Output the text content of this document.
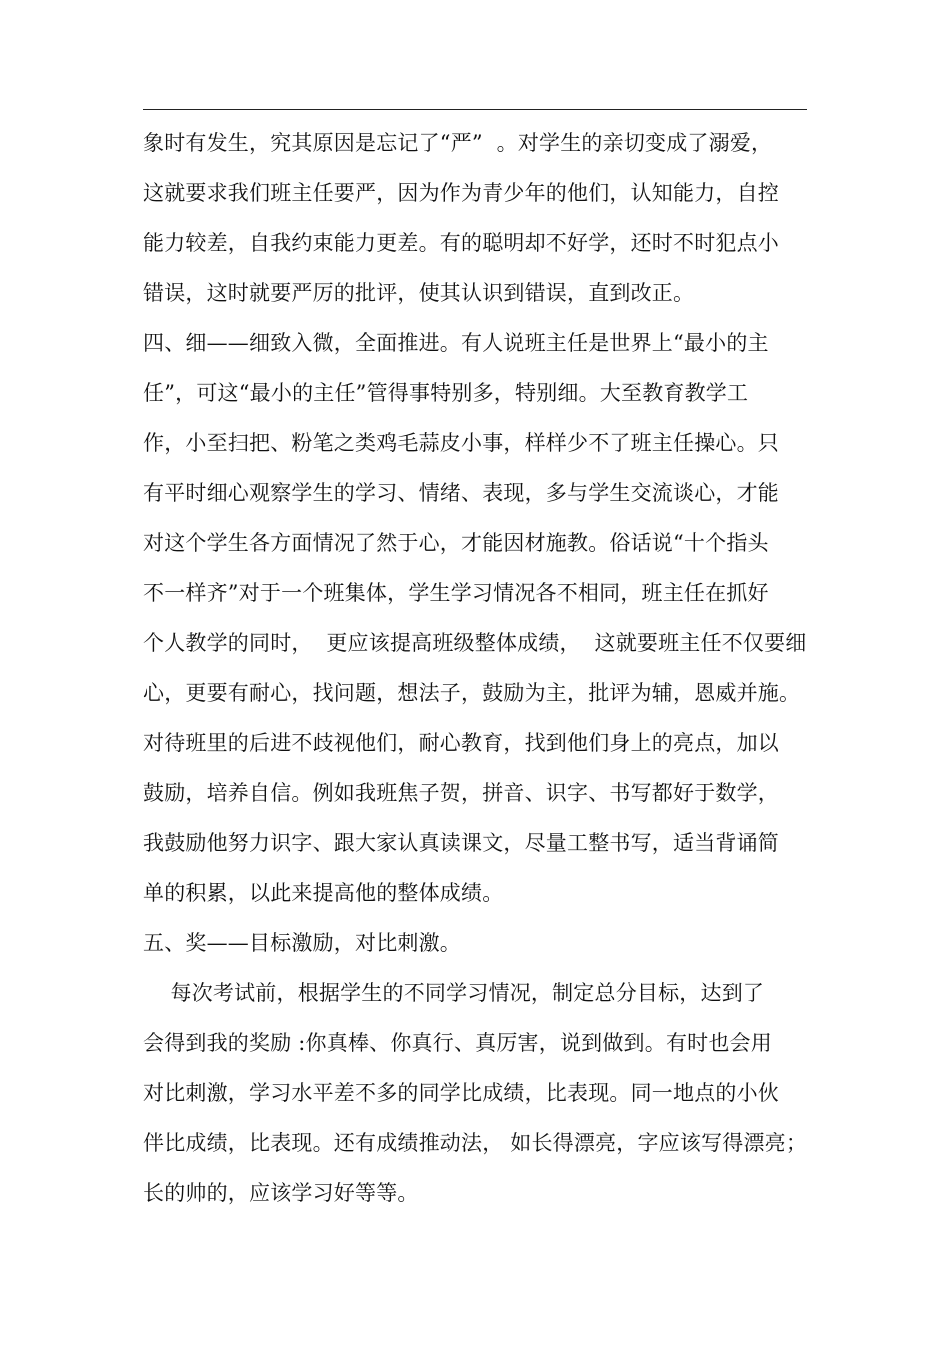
象时有发生，究其原因是忘记了“严”  。对学生的亲切变成了溺爱，
这就要求我们班主任要严，因为作为青少年的他们，认知能力，自控
能力较差，自我约束能力更差。有的聪明却不好学，还时不时犯点小
错误，这时就要严厉的批评，使其认识到错误，直到改正。
四、细——细致入微，全面推进。有人说班主任是世界上“最小的主
任”，可这“最小的主任”管得事特别多，特别细。大至教育教学工
作，小至扫把、粉笔之类鸡毛蒜皮小事，样样少不了班主任操心。只
有平时细心观察学生的学习、情绪、表现，多与学生交流谈心，才能
对这个学生各方面情况了然于心，才能因材施教。俗话说“十个指头
不一样齐”对于一个班集体，学生学习情况各不相同，班主任在抓好
个人教学的同时，  更应该提高班级整体成绩，  这就要班主任不仅要细
心，更要有耐心，找问题，想法子，鼓励为主，批评为辅，恩威并施。
对待班里的后进不歧视他们，耐心教育，找到他们身上的亮点，加以
鼓励，培养自信。例如我班焦子贺，拼音、识字、书写都好于数学，
我鼓励他努力识字、跟大家认真读课文，尽量工整书写，适当背诵简
单的积累，以此来提高他的整体成绩。
五、奖——目标激励，对比刺激。
每次考试前，根据学生的不同学习情况，制定总分目标，达到了
会得到我的奖励 :你真棒、你真行、真厉害，说到做到。有时也会用
对比刺激，学习水平差不多的同学比成绩，比表现。同一地点的小伙
伴比成绩，比表现。还有成绩推动法， 如长得漂亮，字应该写得漂亮；
长的帅的，应该学习好等等。
